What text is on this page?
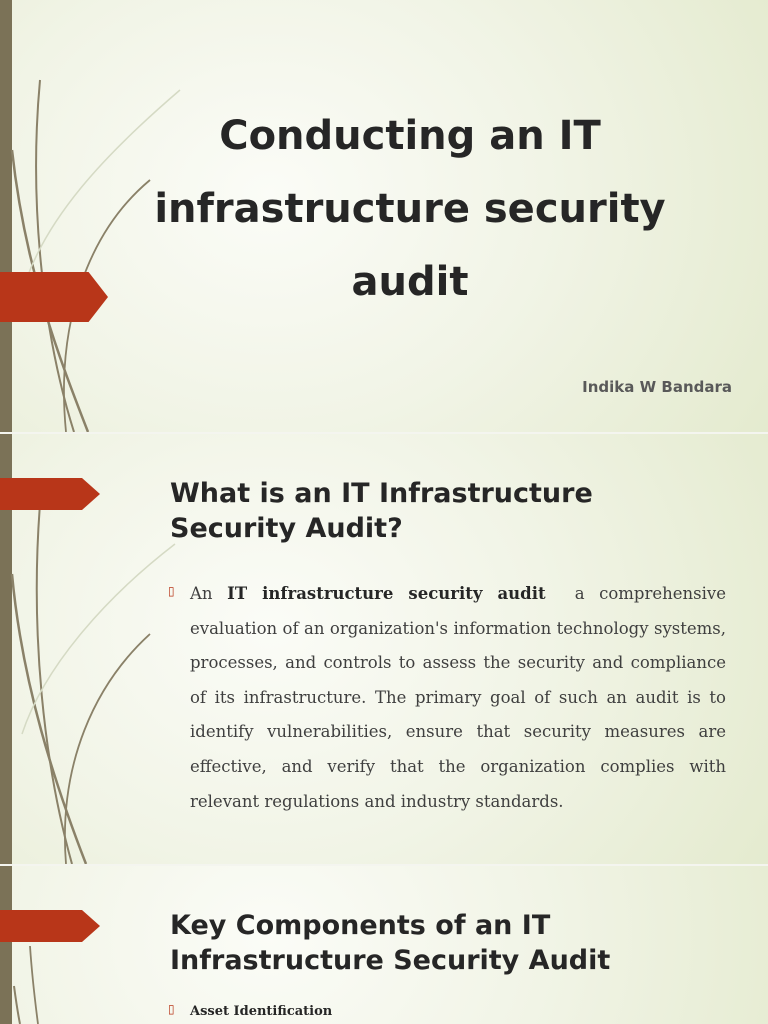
Conducting an IT infrastructure security audit

Indika W Bandara

What is an IT Infrastructure Security Audit?
▯ An IT infrastructure security audit a comprehensive evaluation of an organization's information technology systems, processes, and controls to assess the security and compliance of its infrastructure. The primary goal of such an audit is to identify vulnerabilities, ensure that security measures are effective, and verify that the organization complies with relevant regulations and industry standards.

Key Components of an IT Infrastructure Security Audit
▯ Asset Identification
